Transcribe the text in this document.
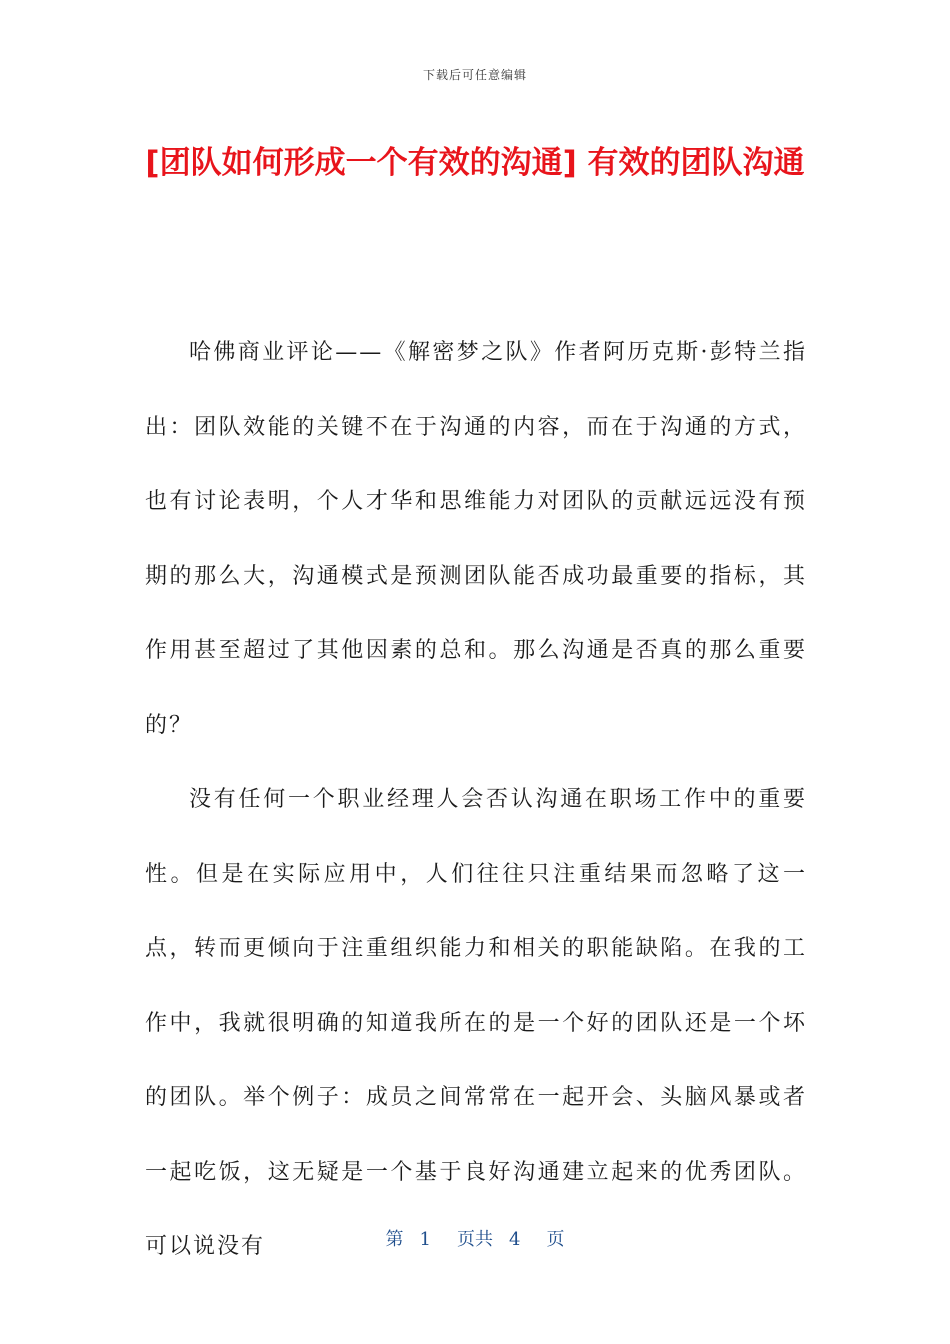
下载后可任意编辑
[团队如何形成一个有效的沟通] 有效的团队沟通

哈佛商业评论——《解密梦之队》作者阿历克斯·彭特兰指出：团队效能的关键不在于沟通的内容，而在于沟通的方式，也有讨论表明，个人才华和思维能力对团队的贡献远远没有预期的那么大，沟通模式是预测团队能否成功最重要的指标，其作用甚至超过了其他因素的总和。那么沟通是否真的那么重要的？

没有任何一个职业经理人会否认沟通在职场工作中的重要性。但是在实际应用中，人们往往只注重结果而忽略了这一点，转而更倾向于注重组织能力和相关的职能缺陷。在我的工作中，我就很明确的知道我所在的是一个好的团队还是一个坏的团队。举个例子：成员之间常常在一起开会、头脑风暴或者一起吃饭，这无疑是一个基于良好沟通建立起来的优秀团队。可以说没有	第 1 页共 4 页
